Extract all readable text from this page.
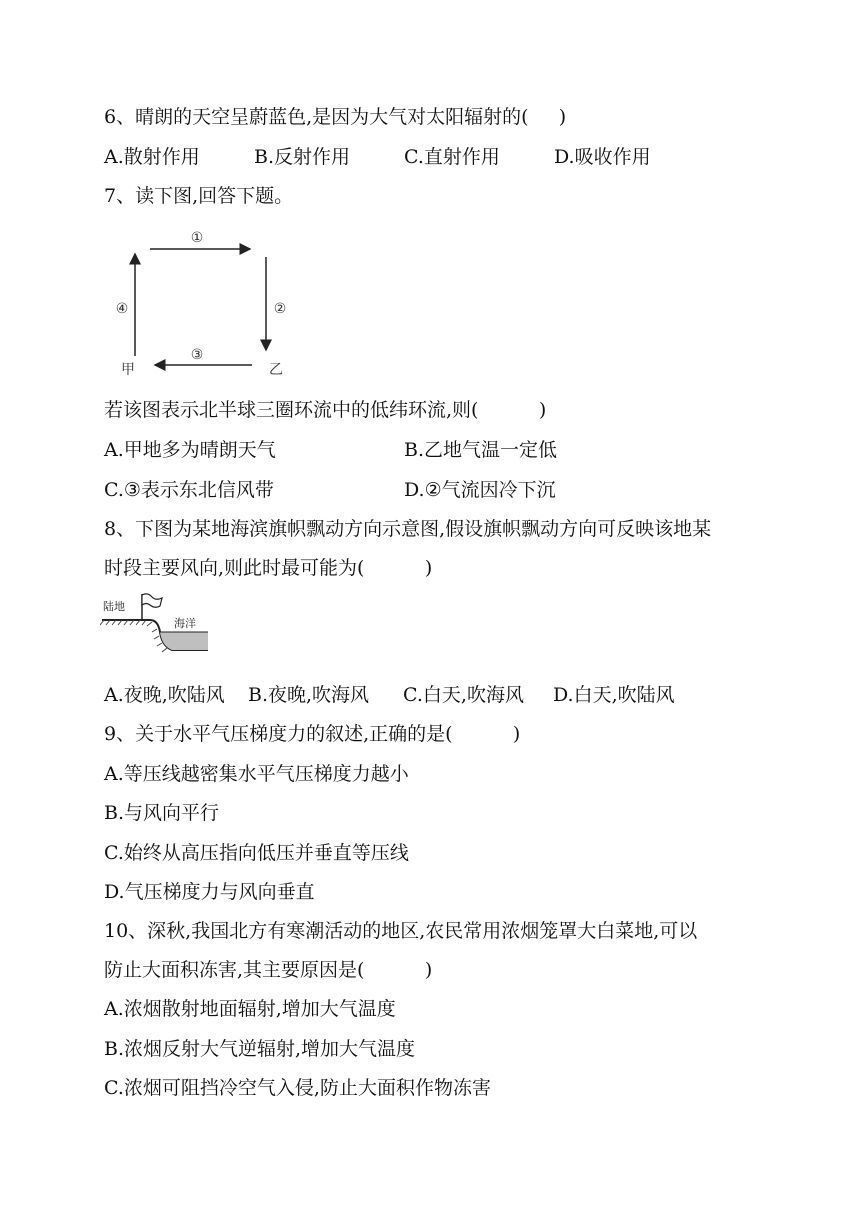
6、晴朗的天空呈蔚蓝色,是因为大气对太阳辐射的(     )
A.散射作用	B.反射作用	C.直射作用	D.吸收作用
7、读下图,回答下题。
①
②
③
④
甲	乙
若该图表示北半球三圈环流中的低纬环流,则(          )
A.甲地多为晴朗天气	B.乙地气温一定低
C.③表示东北信风带	D.②气流因冷下沉
8、下图为某地海滨旗帜飘动方向示意图,假设旗帜飘动方向可反映该地某
时段主要风向,则此时最可能为(          )
陆地
海洋
A.夜晚,吹陆风 B.夜晚,吹海风 C.白天,吹海风 D.白天,吹陆风
9、关于水平气压梯度力的叙述,正确的是(          )
A.等压线越密集水平气压梯度力越小
B.与风向平行
C.始终从高压指向低压并垂直等压线
D.气压梯度力与风向垂直
10、深秋,我国北方有寒潮活动的地区,农民常用浓烟笼罩大白菜地,可以
防止大面积冻害,其主要原因是(          )
A.浓烟散射地面辐射,增加大气温度
B.浓烟反射大气逆辐射,增加大气温度
C.浓烟可阻挡冷空气入侵,防止大面积作物冻害
